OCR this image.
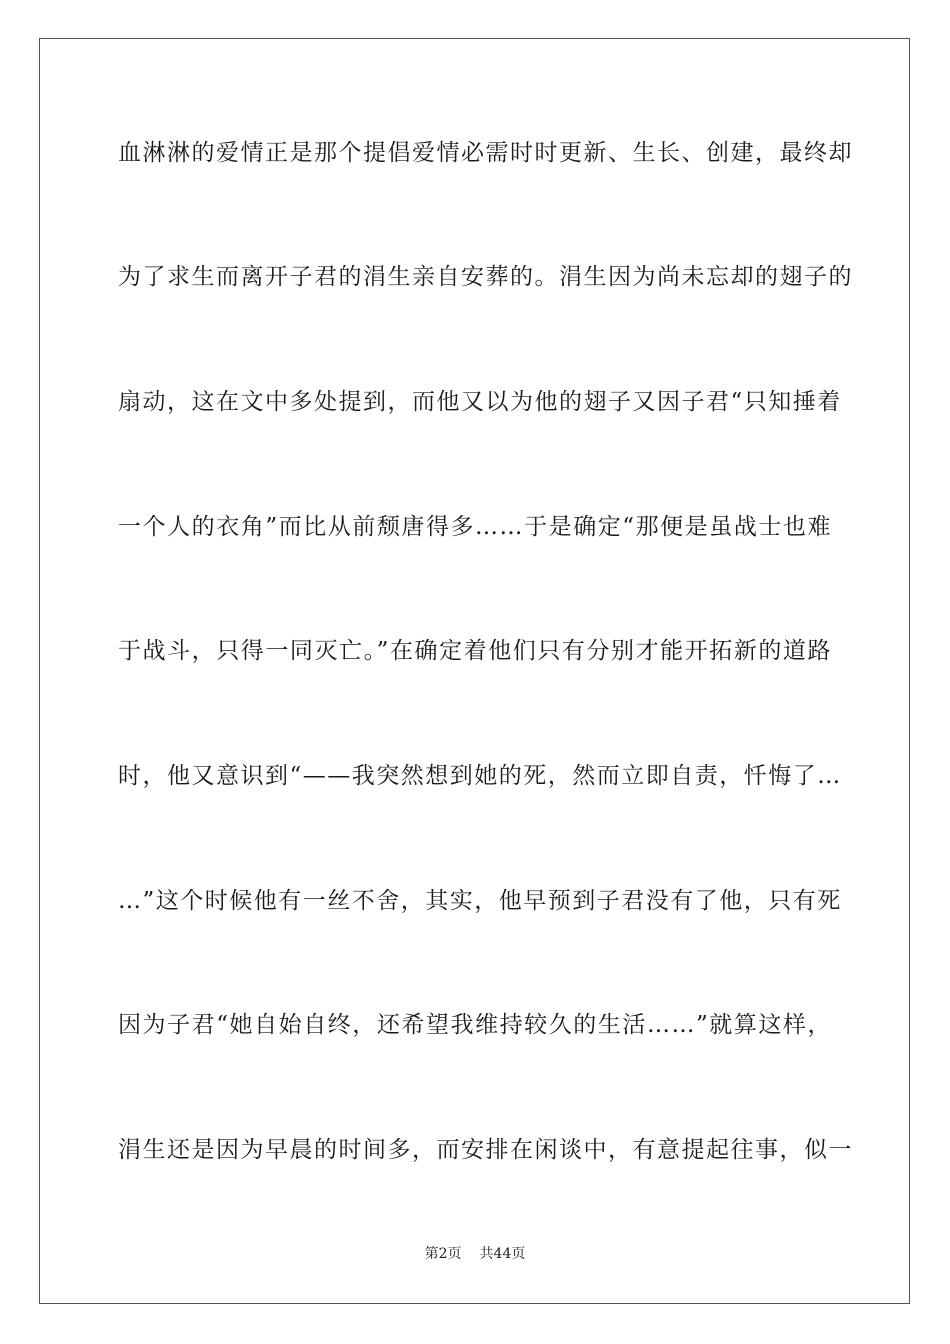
血淋淋的爱情正是那个提倡爱情必需时时更新、生长、创建，最终却
为了求生而离开子君的涓生亲自安葬的。涓生因为尚未忘却的翅子的
扇动，这在文中多处提到，而他又以为他的翅子又因子君“只知捶着
一个人的衣角”而比从前颓唐得多……于是确定“那便是虽战士也难
于战斗，只得一同灭亡。”在确定着他们只有分别才能开拓新的道路
时，他又意识到“——我突然想到她的死，然而立即自责，忏悔了…
…”这个时候他有一丝不舍，其实，他早预到子君没有了他，只有死
因为子君“她自始自终，还希望我维持较久的生活……”就算这样，
涓生还是因为早晨的时间多，而安排在闲谈中，有意提起往事，似一
第2页 共44页
